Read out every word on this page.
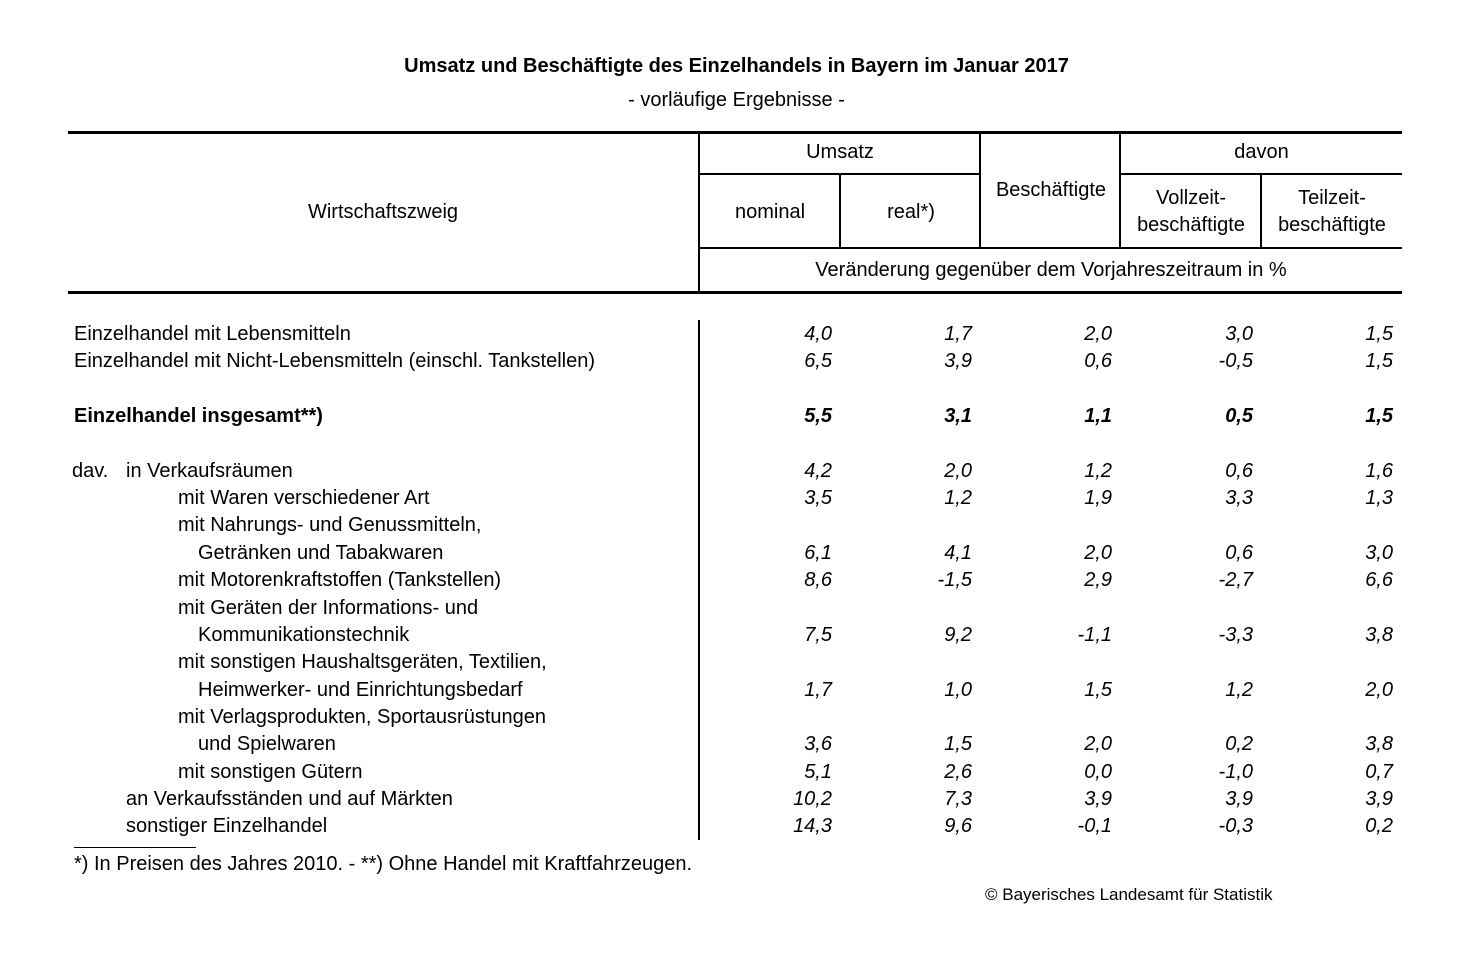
Umsatz und Beschäftigte des Einzelhandels in Bayern im Januar 2017
- vorläufige Ergebnisse -
Wirtschaftszweig
Umsatz
nominal	real*)
Beschäftigte
davon
Vollzeit-
beschäftigte
Teilzeit-
beschäftigte
Veränderung gegenüber dem Vorjahreszeitraum in %
Einzelhandel mit Lebensmitteln	4,0	1,7	2,0	3,0	1,5
Einzelhandel mit Nicht-Lebensmitteln (einschl. Tankstellen)	6,5	3,9	0,6	-0,5	1,5
Einzelhandel insgesamt**)	5,5	3,1	1,1	0,5	1,5
dav. in Verkaufsräumen	4,2	2,0	1,2	0,6	1,6
mit Waren verschiedener Art	3,5	1,2	1,9	3,3	1,3
mit Nahrungs- und Genussmitteln,
Getränken und Tabakwaren	6,1	4,1	2,0	0,6	3,0
mit Motorenkraftstoffen (Tankstellen)	8,6	-1,5	2,9	-2,7	6,6
mit Geräten der Informations- und
Kommunikationstechnik	7,5	9,2	-1,1	-3,3	3,8
mit sonstigen Haushaltsgeräten, Textilien,
Heimwerker- und Einrichtungsbedarf	1,7	1,0	1,5	1,2	2,0
mit Verlagsprodukten, Sportausrüstungen
und Spielwaren	3,6	1,5	2,0	0,2	3,8
mit sonstigen Gütern	5,1	2,6	0,0	-1,0	0,7
an Verkaufsständen und auf Märkten	10,2	7,3	3,9	3,9	3,9
sonstiger Einzelhandel	14,3	9,6	-0,1	-0,3	0,2
*) In Preisen des Jahres 2010. - **) Ohne Handel mit Kraftfahrzeugen.
© Bayerisches Landesamt für Statistik
